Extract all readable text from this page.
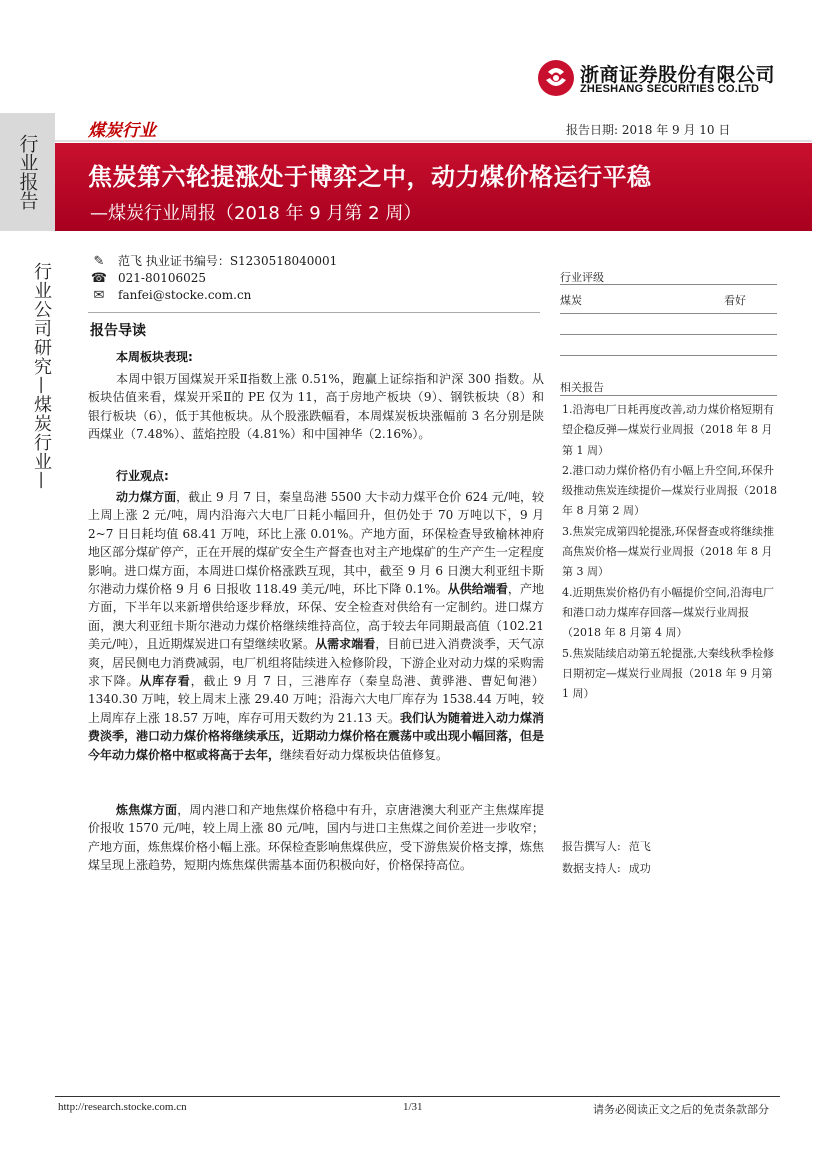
浙商证券股份有限公司
ZHESHANG SECURITIES CO.LTD
行业报告
煤炭行业	报告日期: 2018 年 9 月 10 日
焦炭第六轮提涨处于博弈之中，动力煤价格运行平稳
—煤炭行业周报（2018 年 9 月第 2 周）
行业公司研究—煤炭行业—
✎ 范飞 执业证书编号：S1230518040001
☎ 021-80106025
✉ fanfei@stocke.com.cn
报告导读
本周板块表现:
本周中银万国煤炭开采Ⅱ指数上涨 0.51%，跑赢上证综指和沪深 300 指数。从板块估值来看，煤炭开采Ⅱ的 PE 仅为 11，高于房地产板块（9）、钢铁板块（8）和银行板块（6），低于其他板块。从个股涨跌幅看，本周煤炭板块涨幅前 3 名分别是陕西煤业（7.48%）、蓝焰控股（4.81%）和中国神华（2.16%）。
行业观点:
动力煤方面，截止 9 月 7 日，秦皇岛港 5500 大卡动力煤平仓价 624 元/吨，较上周上涨 2 元/吨，周内沿海六大电厂日耗小幅回升，但仍处于 70 万吨以下，9 月 2~7 日日耗均值 68.41 万吨，环比上涨 0.01%。产地方面，环保检查导致榆林神府地区部分煤矿停产，正在开展的煤矿安全生产督查也对主产地煤矿的生产产生一定程度影响。进口煤方面，本周进口煤价格涨跌互现，其中，截至 9 月 6 日澳大利亚纽卡斯尔港动力煤价格 9 月 6 日报收 118.49 美元/吨，环比下降 0.1%。从供给端看，产地方面，下半年以来新增供给逐步释放，环保、安全检查对供给有一定制约。进口煤方面，澳大利亚纽卡斯尔港动力煤价格继续维持高位，高于较去年同期最高值（102.21 美元/吨），且近期煤炭进口有望继续收紧。从需求端看，目前已进入消费淡季，天气凉爽，居民侧电力消费减弱，电厂机组将陆续进入检修阶段，下游企业对动力煤的采购需求下降。从库存看，截止 9 月 7 日，三港库存（秦皇岛港、黄骅港、曹妃甸港）1340.30 万吨，较上周末上涨 29.40 万吨；沿海六大电厂库存为 1538.44 万吨，较上周库存上涨 18.57 万吨，库存可用天数约为 21.13 天。我们认为随着进入动力煤消费淡季，港口动力煤价格将继续承压，近期动力煤价格在震荡中或出现小幅回落，但是今年动力煤价格中枢或将高于去年，继续看好动力煤板块估值修复。
炼焦煤方面，周内港口和产地焦煤价格稳中有升，京唐港澳大利亚产主焦煤库提价报收 1570 元/吨，较上周上涨 80 元/吨，国内与进口主焦煤之间价差进一步收窄；产地方面，炼焦煤价格小幅上涨。环保检查影响焦煤供应，受下游焦炭价格支撑，炼焦煤呈现上涨趋势，短期内炼焦煤供需基本面仍积极向好，价格保持高位。
行业评级
煤炭	看好
相关报告
1.沿海电厂日耗再度改善,动力煤价格短期有望企稳反弹—煤炭行业周报（2018 年 8 月第 1 周）
2.港口动力煤价格仍有小幅上升空间,环保升级推动焦炭连续提价—煤炭行业周报（2018 年 8 月第 2 周）
3.焦炭完成第四轮提涨,环保督查或将继续推高焦炭价格—煤炭行业周报（2018 年 8 月第 3 周）
4.近期焦炭价格仍有小幅提价空间,沿海电厂和港口动力煤库存回落—煤炭行业周报（2018 年 8 月第 4 周）
5.焦炭陆续启动第五轮提涨,大秦线秋季检修日期初定—煤炭行业周报（2018 年 9 月第 1 周）
报告撰写人: 范飞
数据支持人: 成功
http://research.stocke.com.cn	1/31	请务必阅读正文之后的免责条款部分
